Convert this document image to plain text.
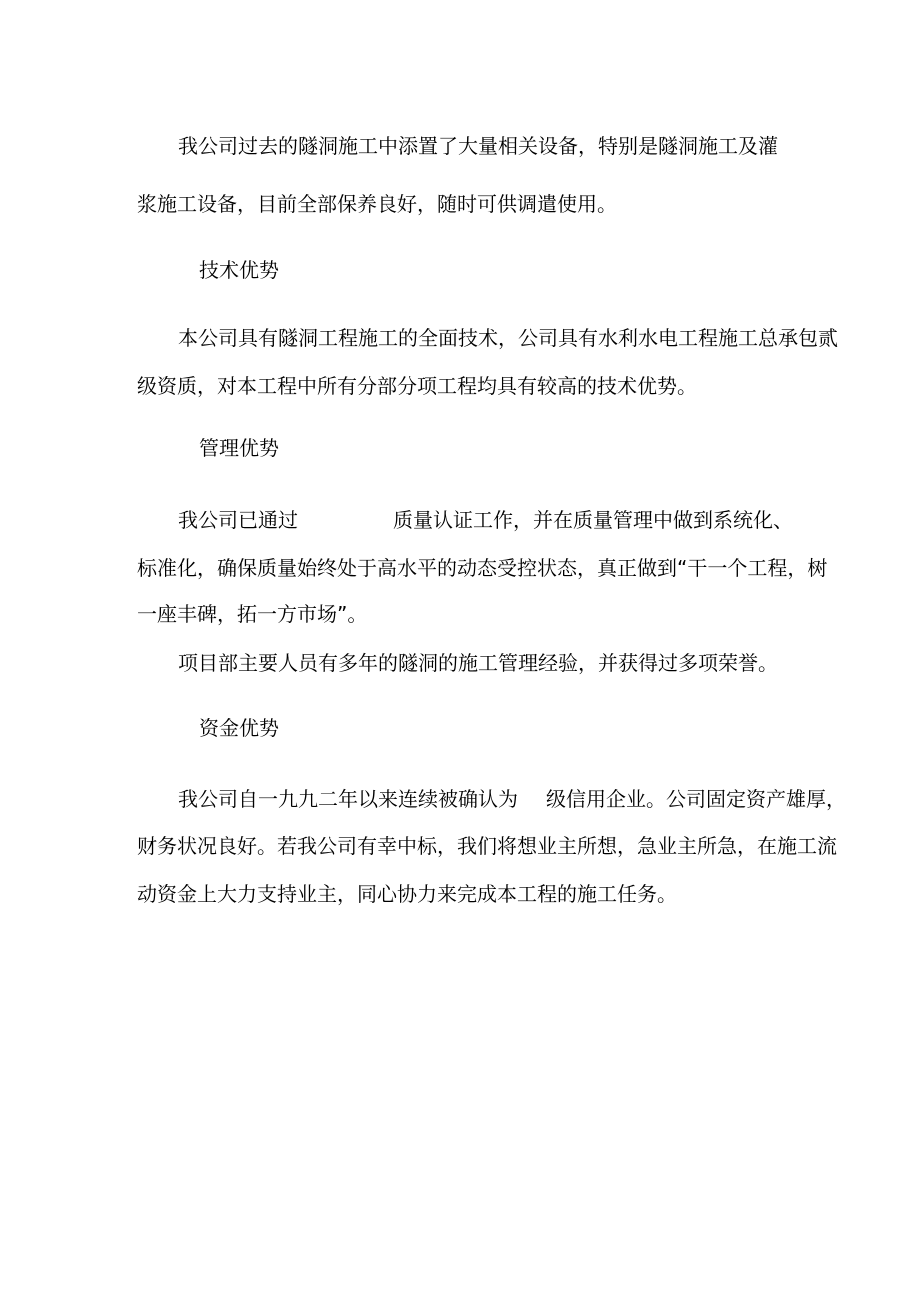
我公司过去的隧洞施工中添置了大量相关设备，特别是隧洞施工及灌
浆施工设备，目前全部保养良好，随时可供调遣使用。
技术优势
本公司具有隧洞工程施工的全面技术，公司具有水利水电工程施工总承包贰
级资质，对本工程中所有分部分项工程均具有较高的技术优势。
管理优势
我公司已通过	质量认证工作，并在质量管理中做到系统化、
标准化，确保质量始终处于高水平的动态受控状态，真正做到“干一个工程，树
一座丰碑，拓一方市场”。
项目部主要人员有多年的隧洞的施工管理经验，并获得过多项荣誉。
资金优势
我公司自一九九二年以来连续被确认为 级信用企业。公司固定资产雄厚，
财务状况良好。若我公司有幸中标，我们将想业主所想，急业主所急，在施工流
动资金上大力支持业主，同心协力来完成本工程的施工任务。
